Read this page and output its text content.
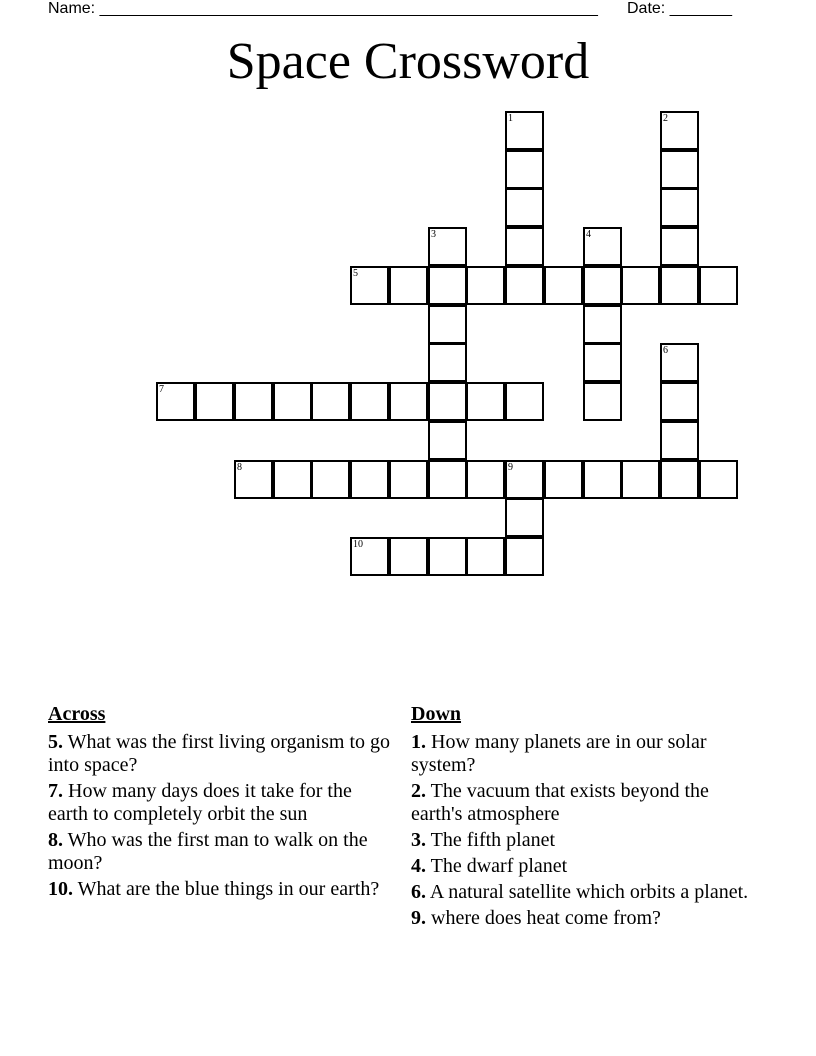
Name: ________________________________________________________ Date: _______
Space Crossword
1	2
3	4
5
6
7
8	9
10
Across
5. What was the first living organism to go into space?
7. How many days does it take for the earth to completely orbit the sun
8. Who was the first man to walk on the moon?
10. What are the blue things in our earth?
Down
1. How many planets are in our solar system?
2. The vacuum that exists beyond the earth's atmosphere
3. The fifth planet
4. The dwarf planet
6. A natural satellite which orbits a planet.
9. where does heat come from?
